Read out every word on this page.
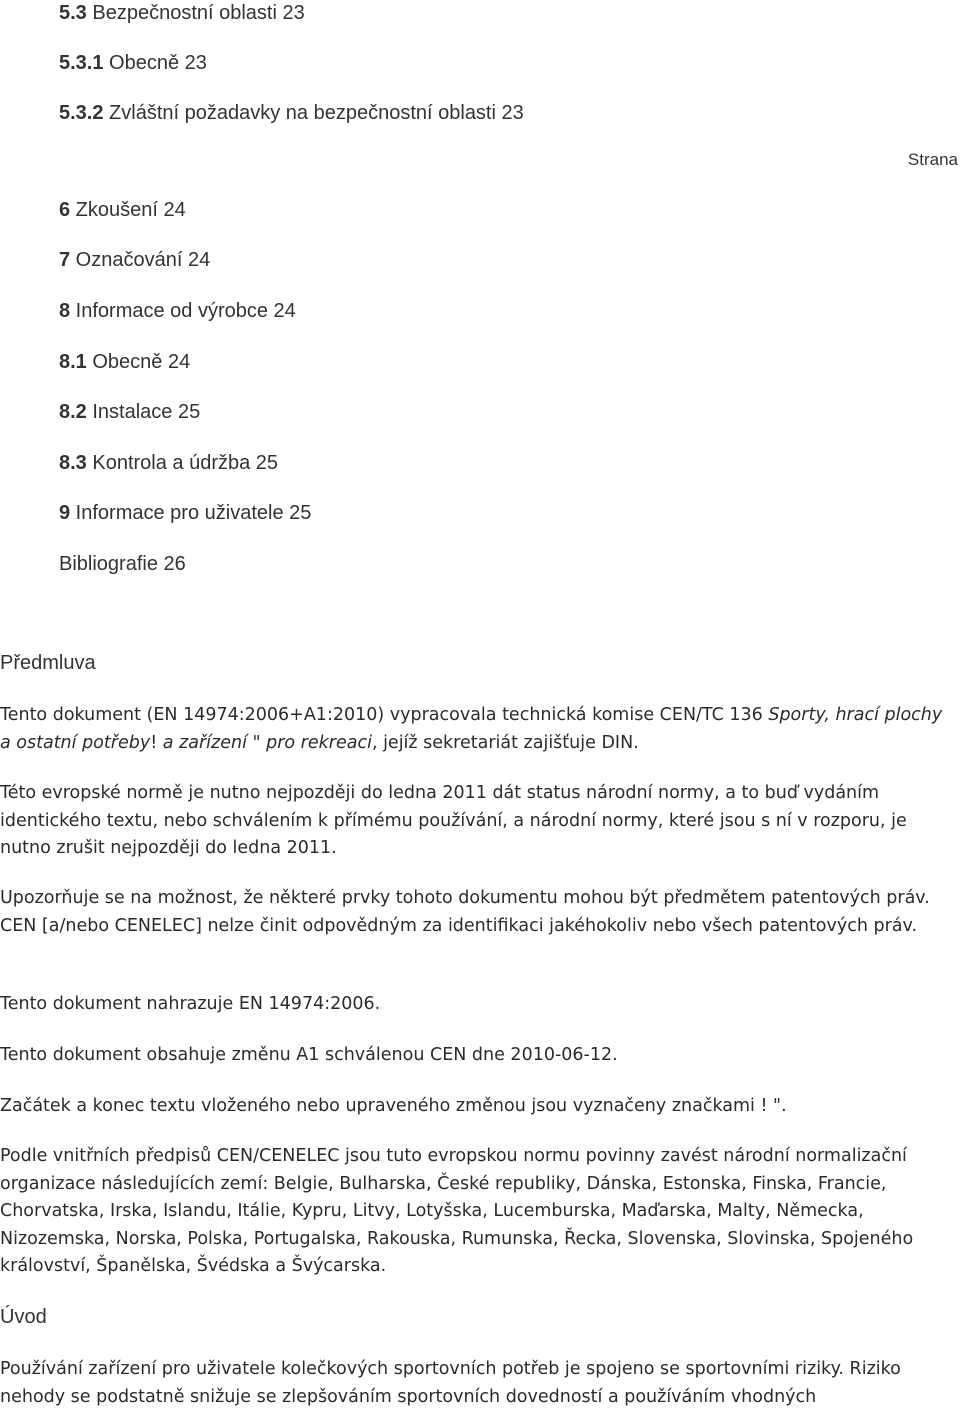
5.3 Bezpečnostní oblasti 23
5.3.1 Obecně 23
5.3.2 Zvláštní požadavky na bezpečnostní oblasti 23
6 Zkoušení 24
7 Označování 24
8 Informace od výrobce 24
8.1 Obecně 24
8.2 Instalace 25
8.3 Kontrola a údržba 25
9 Informace pro uživatele 25
Bibliografie 26
Strana
Předmluva

Tento dokument (EN 14974:2006+A1:2010) vypracovala technická komise CEN/TC 136 Sporty, hrací plochy a ostatní potřeby! a zařízení " pro rekreaci, jejíž sekretariát zajišťuje DIN.

Této evropské normě je nutno nejpozději do ledna 2011 dát status národní normy, a to buď vydáním identického textu, nebo schválením k přímému používání, a národní normy, které jsou s ní v rozporu, je nutno zrušit nejpozději do ledna 2011.

Upozorňuje se na možnost, že některé prvky tohoto dokumentu mohou být předmětem patentových práv. CEN [a/nebo CENELEC] nelze činit odpovědným za identifikaci jakéhokoliv nebo všech patentových práv.

Tento dokument nahrazuje EN 14974:2006.

Tento dokument obsahuje změnu A1 schválenou CEN dne 2010-06-12.

Začátek a konec textu vloženého nebo upraveného změnou jsou vyznačeny značkami ! ".

Podle vnitřních předpisů CEN/CENELEC jsou tuto evropskou normu povinny zavést národní normalizační organizace následujících zemí: Belgie, Bulharska, České republiky, Dánska, Estonska, Finska, Francie, Chorvatska, Irska, Islandu, Itálie, Kypru, Litvy, Lotyšska, Lucemburska, Maďarska, Malty, Německa, Nizozemska, Norska, Polska, Portugalska, Rakouska, Rumunska, Řecka, Slovenska, Slovinska, Spojeného království, Španělska, Švédska a Švýcarska.

Úvod

Používání zařízení pro uživatele kolečkových sportovních potřeb je spojeno se sportovními riziky. Riziko nehody se podstatně snižuje se zlepšováním sportovních dovedností a používáním vhodných
